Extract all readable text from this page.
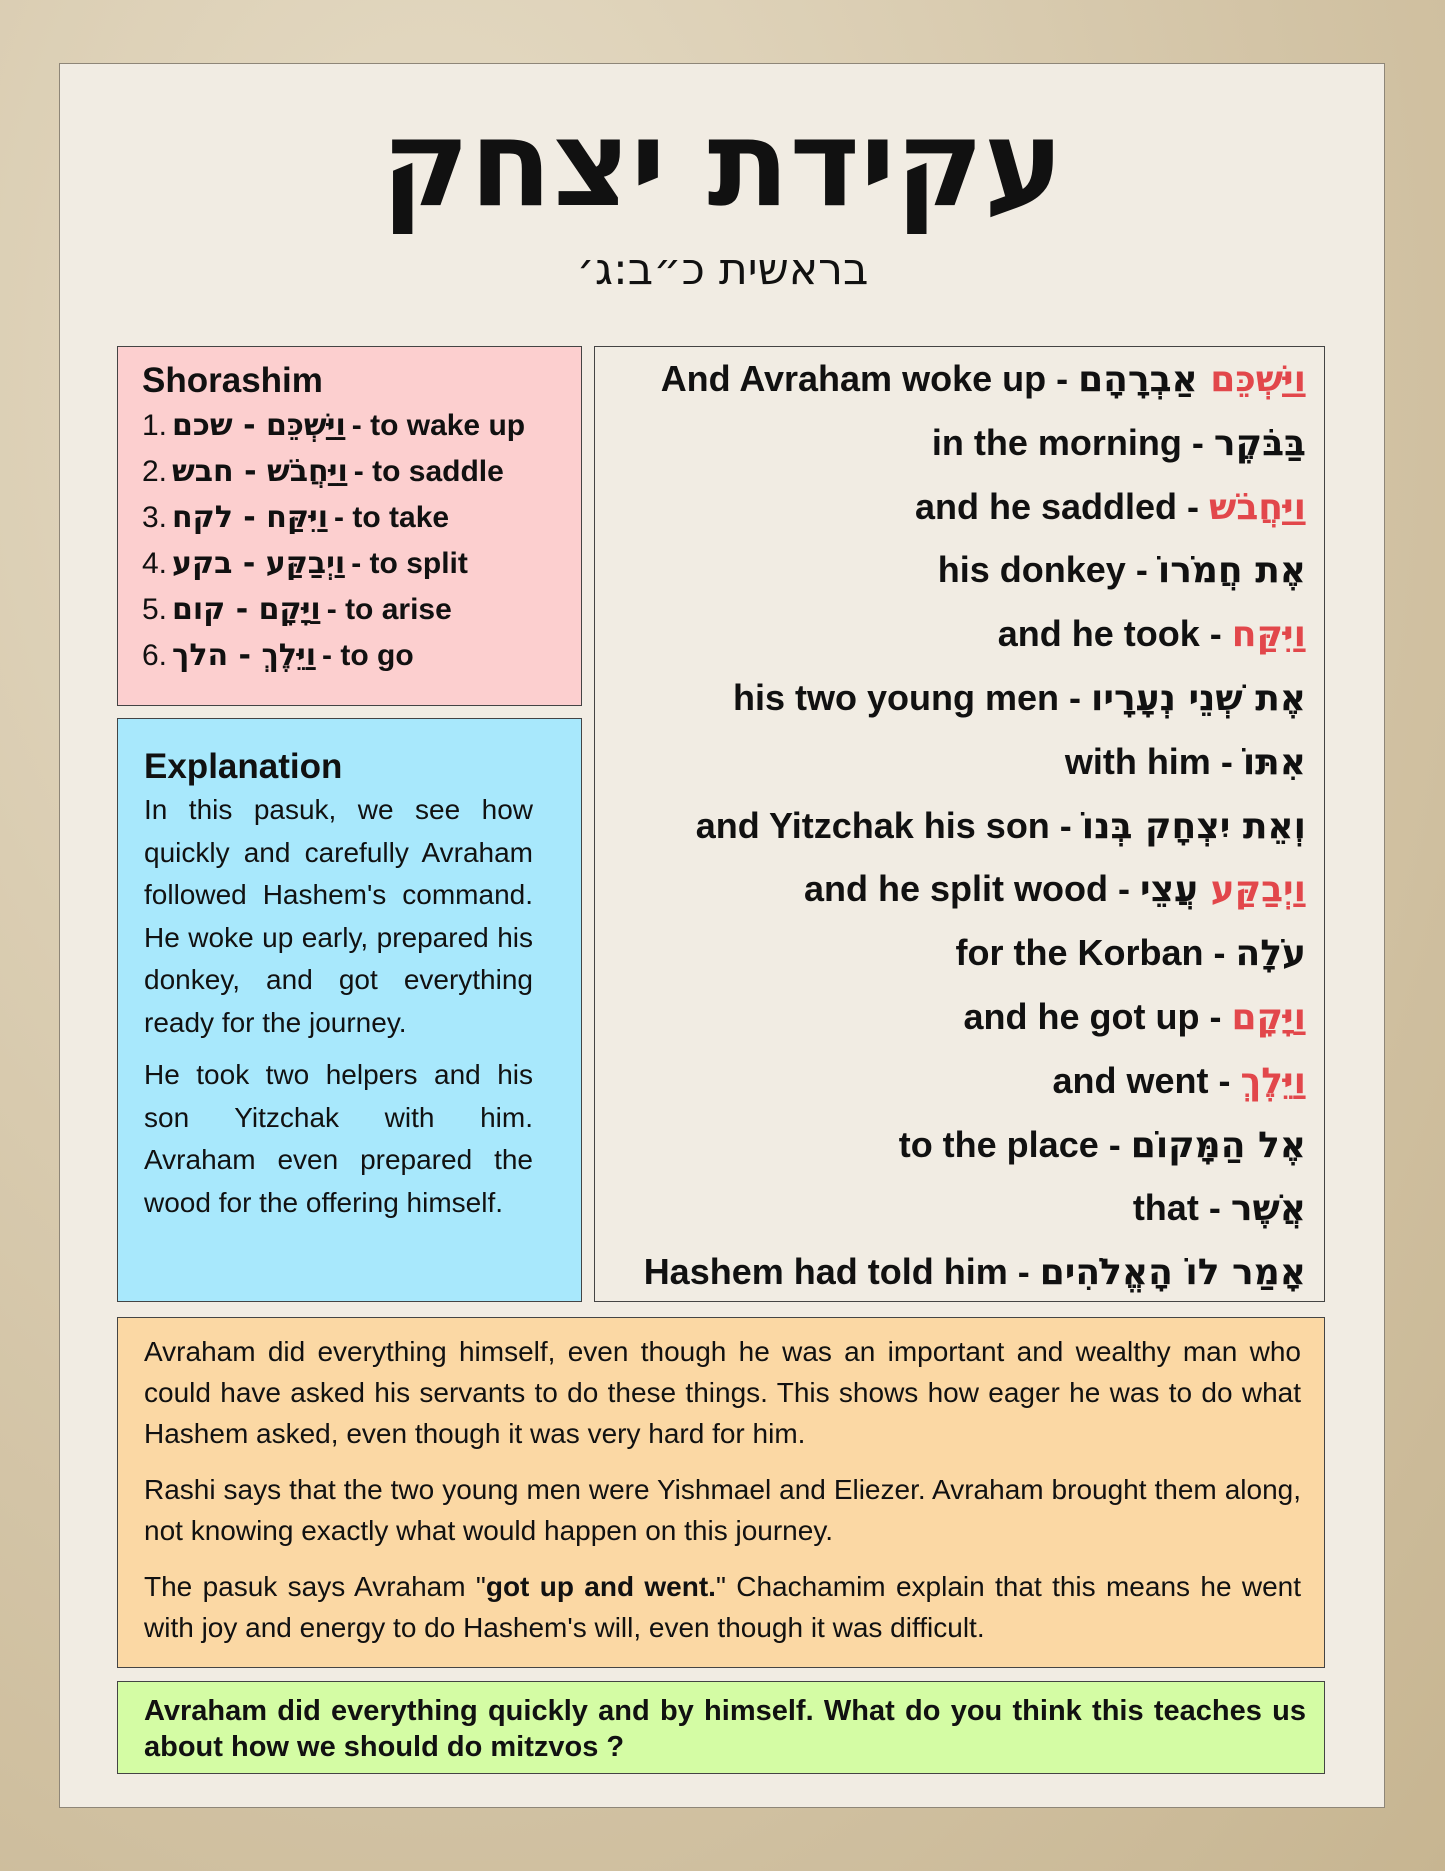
עקידת יצחק
בראשית כ״ב:ג׳
Shorashim
1. שכם - וַיַּשְׁכֵּם - to wake up
2. חבש - וַיַּחֲבֹשׁ - to saddle
3. לקח - וַיִּקַּח - to take
4. בקע - וַיְבַקַּע - to split
5. קום - וַיָּקָם - to arise
6. הלך - וַיֵּלֶךְ - to go
Explanation

In this pasuk, we see how quickly and carefully Avraham followed Hashem's command. He woke up early, prepared his donkey, and got everything ready for the journey.

He took two helpers and his son Yitzchak with him. Avraham even prepared the wood for the offering himself.

And Avraham woke up -	וַיַּשְׁכֵּם אַבְרָהָם
in the morning - בַּבֹּקֶר
and he saddled - וַיַּחֲבֹשׁ
his donkey - אֶת חֲמֹרוֹ
and he took - וַיִּקַּח
his two young men - אֶת שְׁנֵי נְעָרָיו
with him - אִתּוֹ
and Yitzchak his son - וְאֵת יִצְחָק בְּנוֹ
and he split wood - וַיְבַקַּע עֲצֵי
for the Korban - עֹלָה
and he got up - וַיָּקָם
and went - וַיֵּלֶךְ
to the place - אֶל הַמָּקוֹם
that - אֲשֶׁר
Hashem had told him - אָמַר לוֹ הָאֱלֹהִים

Avraham did everything himself, even though he was an important and wealthy man who could have asked his servants to do these things. This shows how eager he was to do what Hashem asked, even though it was very hard for him.

Rashi says that the two young men were Yishmael and Eliezer. Avraham brought them along, not knowing exactly what would happen on this journey.

The pasuk says Avraham "got up and went." Chachamim explain that this means he went with joy and energy to do Hashem's will, even though it was difficult.

Avraham did everything quickly and by himself. What do you think this teaches us about how we should do mitzvos ?
